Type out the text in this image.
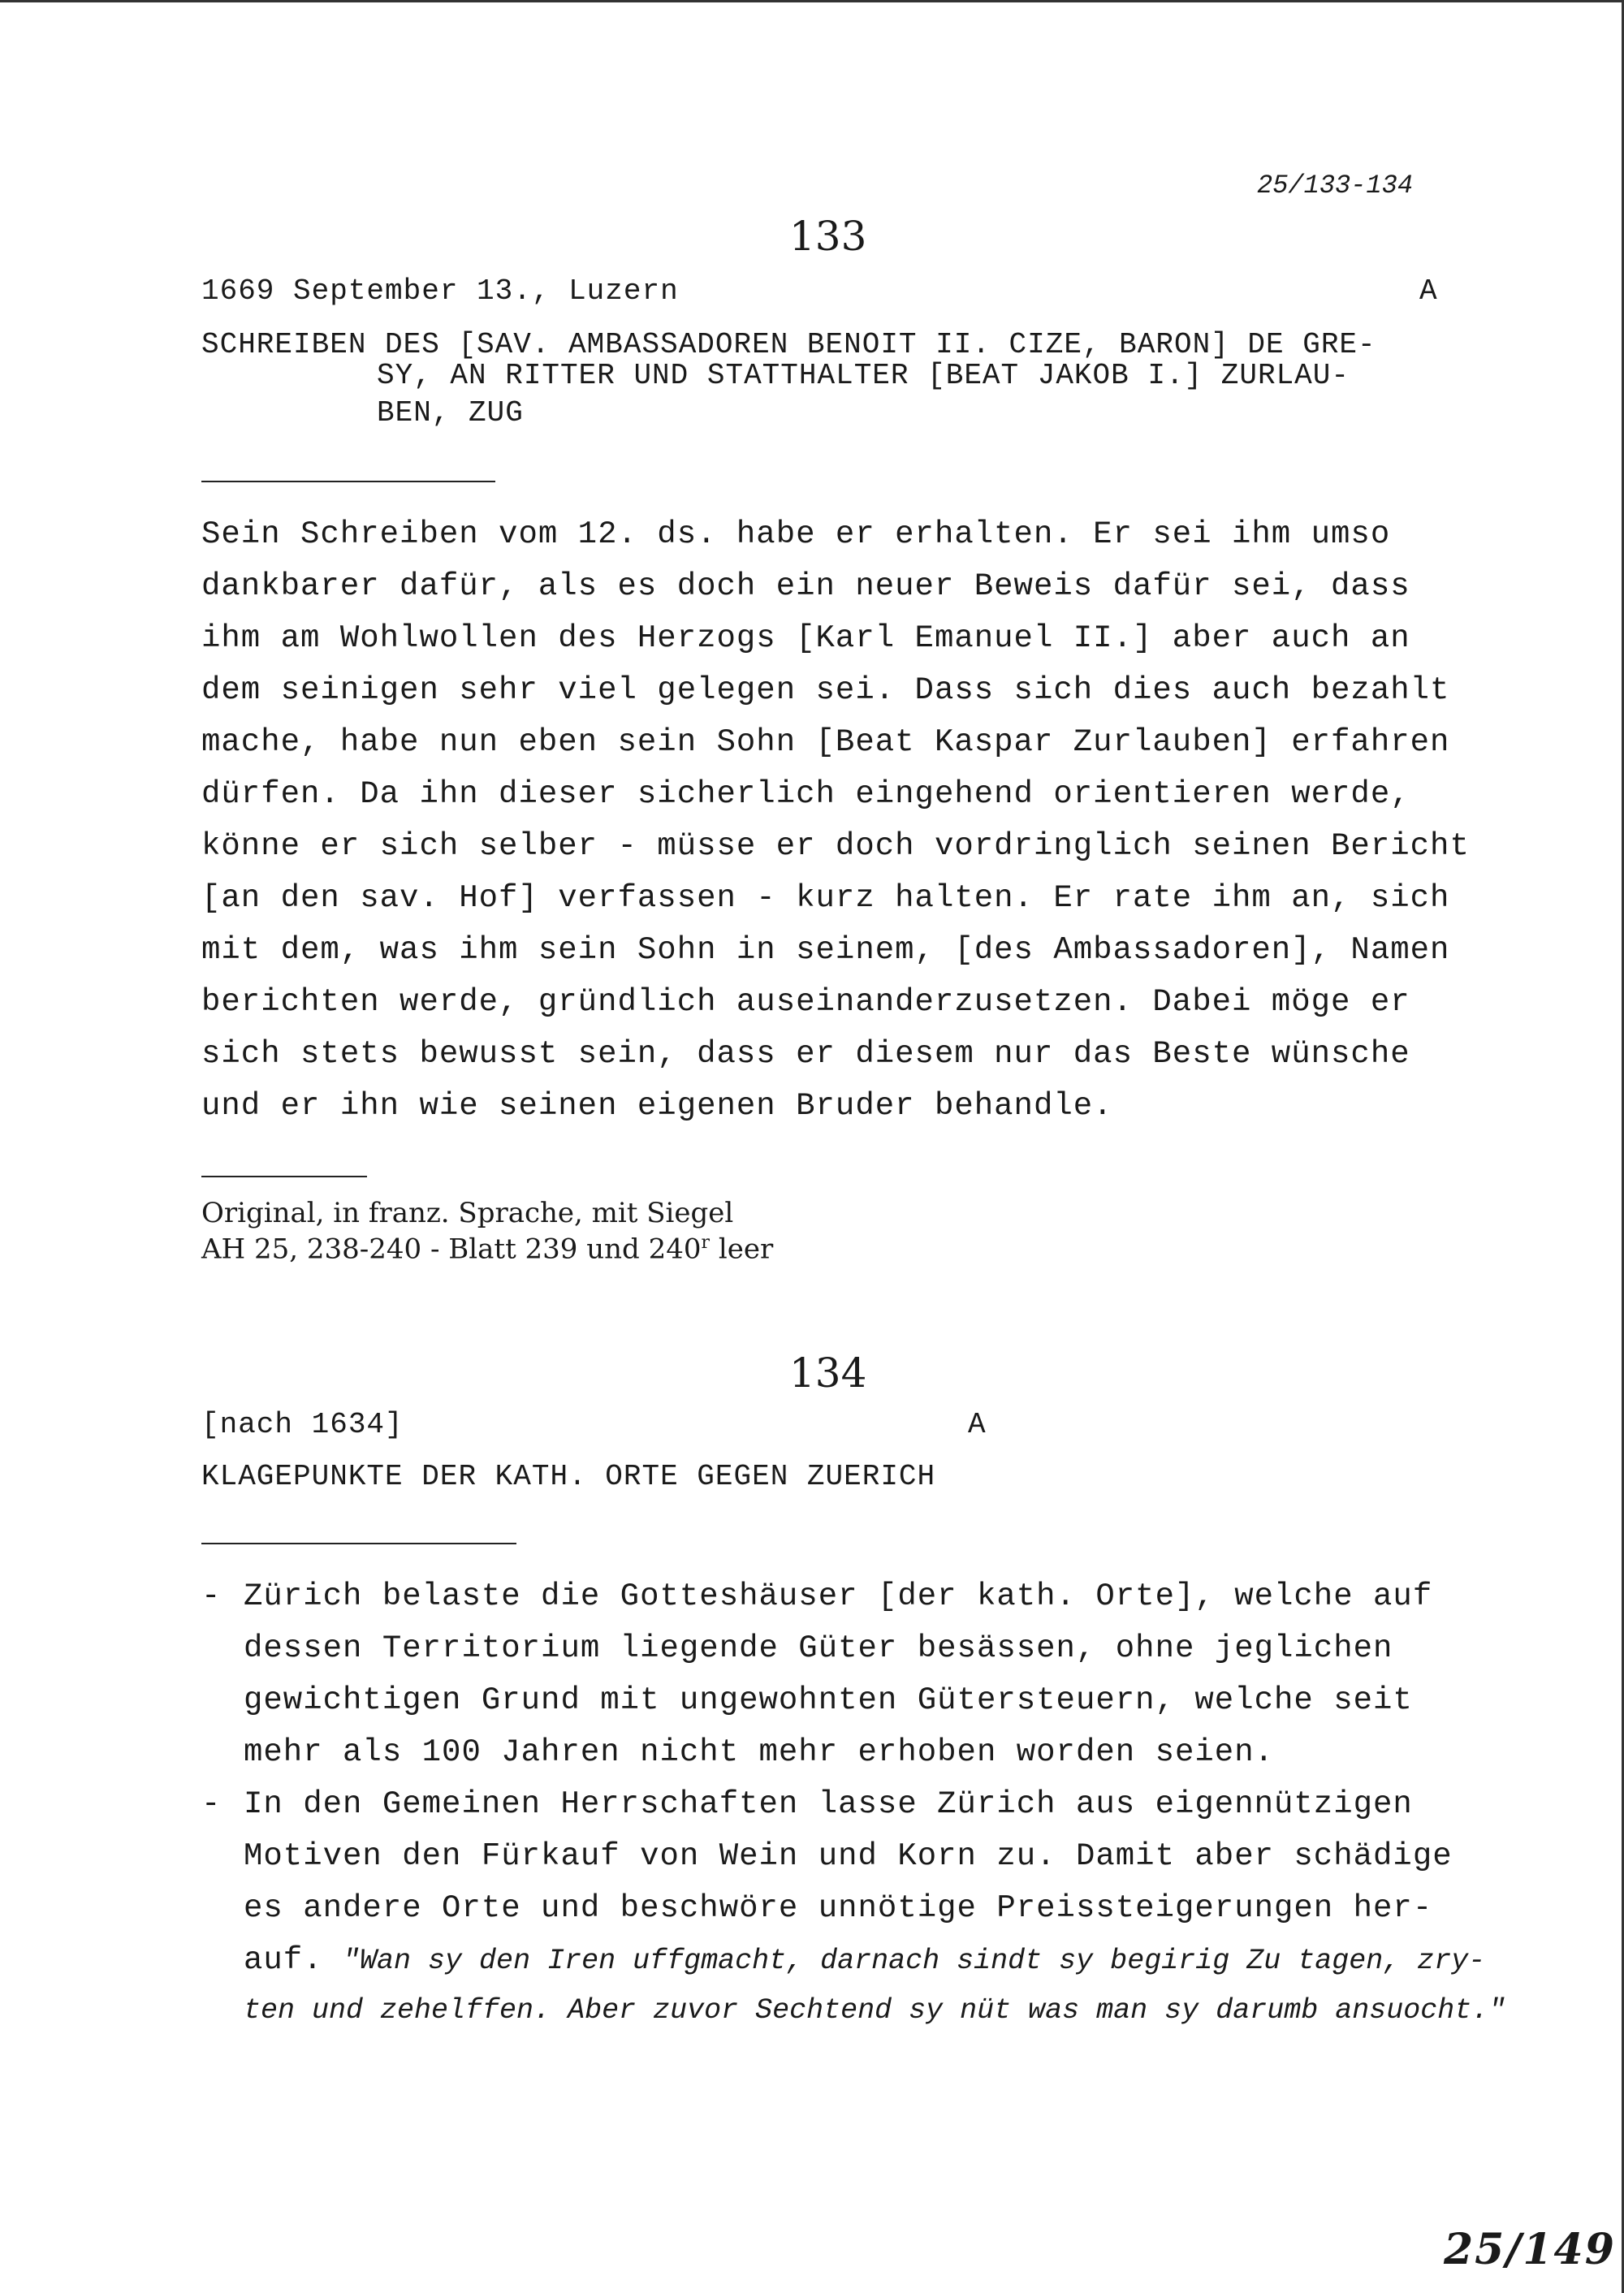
25/133-134
133
1669 September 13., Luzern	A
SCHREIBEN DES [SAV. AMBASSADOREN BENOIT II. CIZE, BARON] DE GRE-
SY, AN RITTER UND STATTHALTER [BEAT JAKOB I.] ZURLAU-
BEN, ZUG
Sein Schreiben vom 12. ds. habe er erhalten. Er sei ihm umso
dankbarer dafür, als es doch ein neuer Beweis dafür sei, dass
ihm am Wohlwollen des Herzogs [Karl Emanuel II.] aber auch an
dem seinigen sehr viel gelegen sei. Dass sich dies auch bezahlt
mache, habe nun eben sein Sohn [Beat Kaspar Zurlauben] erfahren
dürfen. Da ihn dieser sicherlich eingehend orientieren werde,
könne er sich selber - müsse er doch vordringlich seinen Bericht
[an den sav. Hof] verfassen - kurz halten. Er rate ihm an, sich
mit dem, was ihm sein Sohn in seinem, [des Ambassadoren], Namen
berichten werde, gründlich auseinanderzusetzen. Dabei möge er
sich stets bewusst sein, dass er diesem nur das Beste wünsche
und er ihn wie seinen eigenen Bruder behandle.
Original, in franz. Sprache, mit Siegel
AH 25, 238-240 - Blatt 239 und 240$^r$ leer
134
[nach 1634]	A
KLAGEPUNKTE DER KATH. ORTE GEGEN ZUERICH
- Zürich belaste die Gotteshäuser [der kath. Orte], welche auf
dessen Territorium liegende Güter besässen, ohne jeglichen
gewichtigen Grund mit ungewohnten Gütersteuern, welche seit
mehr als 100 Jahren nicht mehr erhoben worden seien.
- In den Gemeinen Herrschaften lasse Zürich aus eigennützigen
Motiven den Fürkauf von Wein und Korn zu. Damit aber schädige
es andere Orte und beschwöre unnötige Preissteigerungen her-
auf. "Wan sy den Iren uffgmacht, darnach sindt sy begirig Zu tagen, zry-
ten und zehelffen. Aber zuvor Sechtend sy nüt was man sy darumb ansuocht."
25/149
